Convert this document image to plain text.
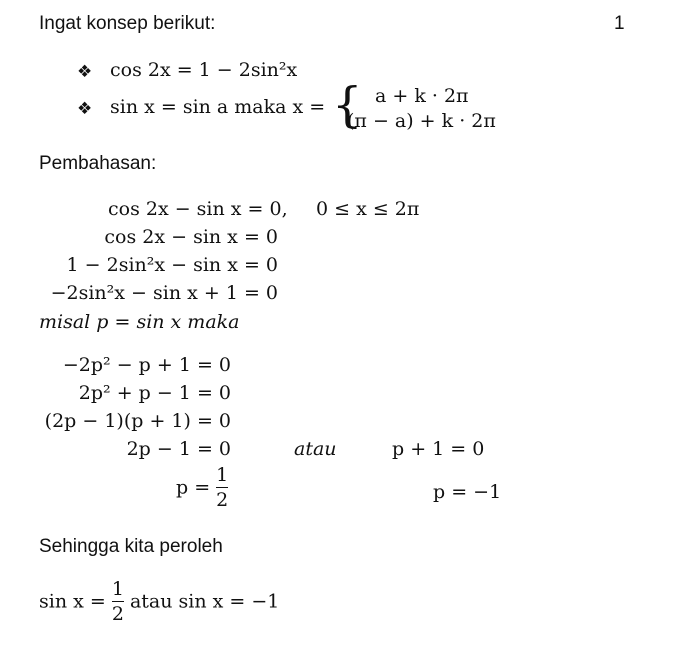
Ingat konsep berikut:	1
❖ cos 2x = 1 − 2sin²x
❖ sin x = sin a maka x = { a + k · 2π
(π − a) + k · 2π
Pembahasan:
cos 2x − sin x = 0, 0 ≤ x ≤ 2π
cos 2x − sin x = 0
1 − 2sin²x − sin x = 0
−2sin²x − sin x + 1 = 0
misal p = sin x maka
−2p² − p + 1 = 0
2p² + p − 1 = 0
(2p − 1)(p + 1) = 0
2p − 1 = 0	atau	p + 1 = 0
$p = \frac{1}{2}$	p = −1
Sehingga kita peroleh
$\sin x = \frac{1}{2}$ atau sin x = −1
